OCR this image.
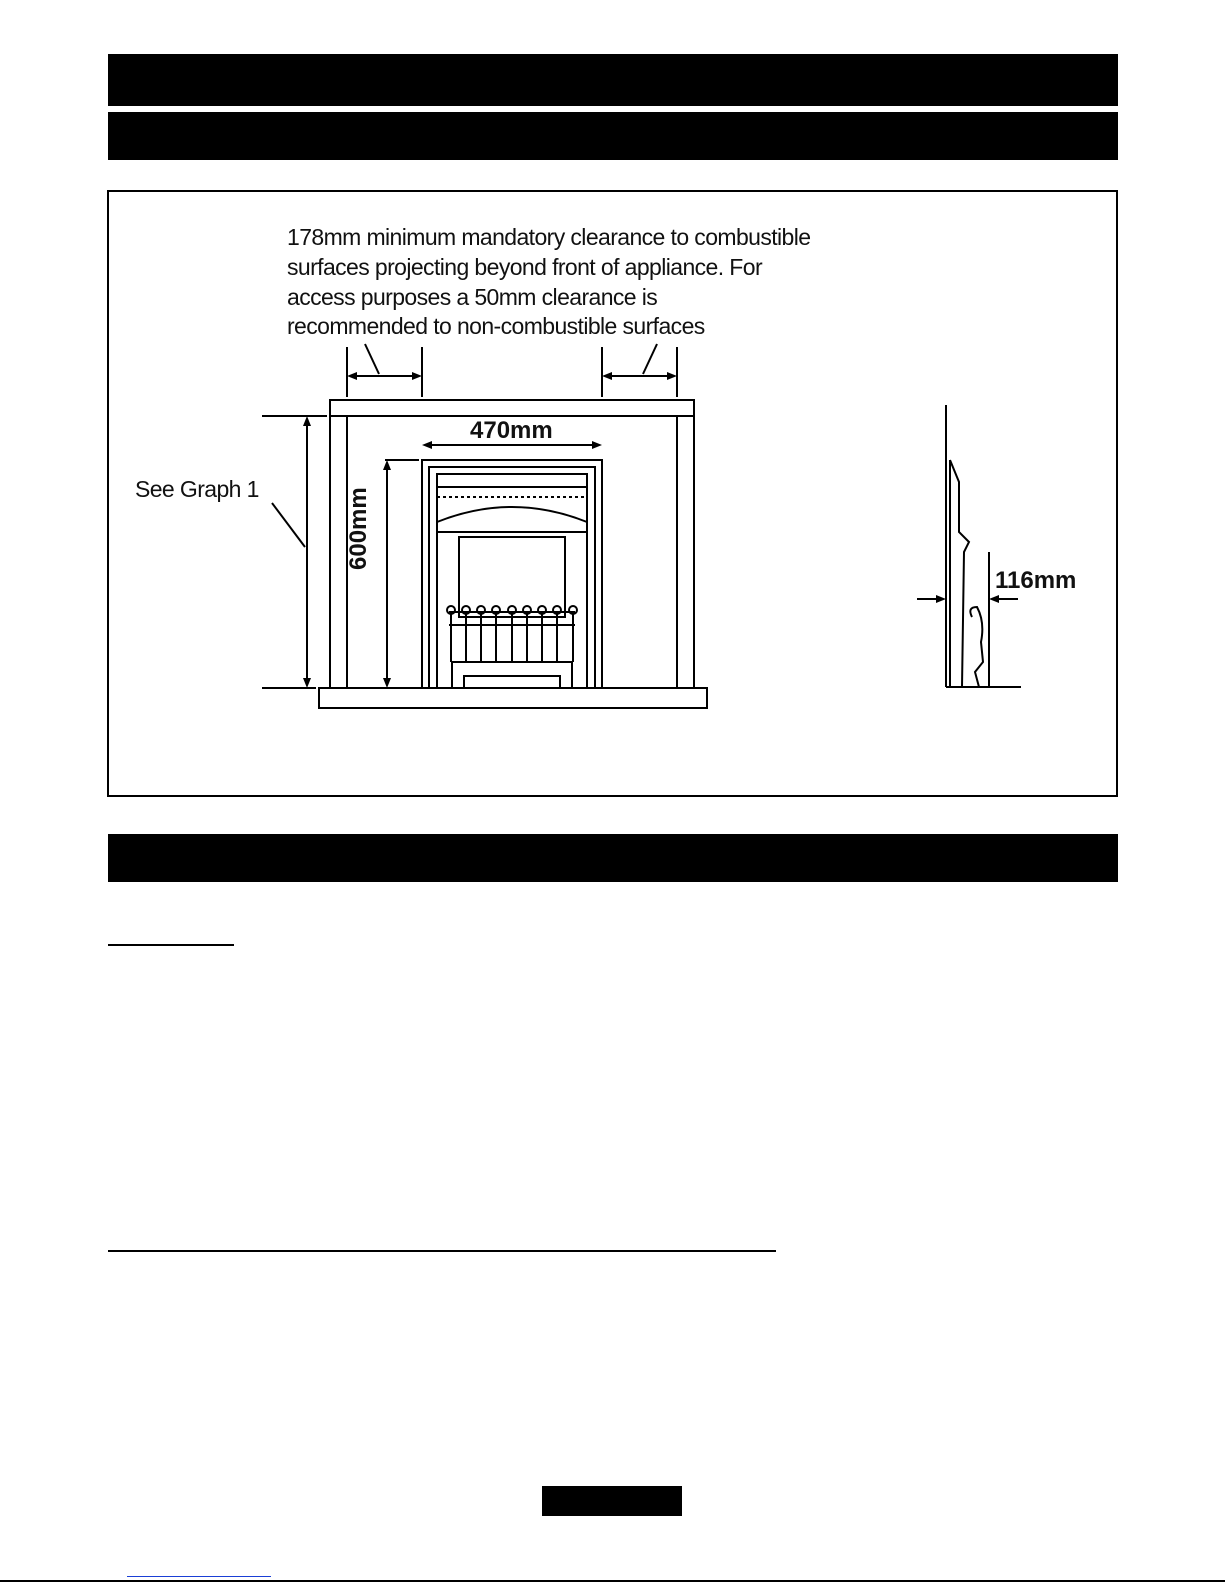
178mm minimum mandatory clearance to combustible
surfaces projecting beyond front of appliance. For
access purposes a 50mm clearance is
recommended to non-combustible surfaces
470mm
600mm
116mm
See Graph 1
